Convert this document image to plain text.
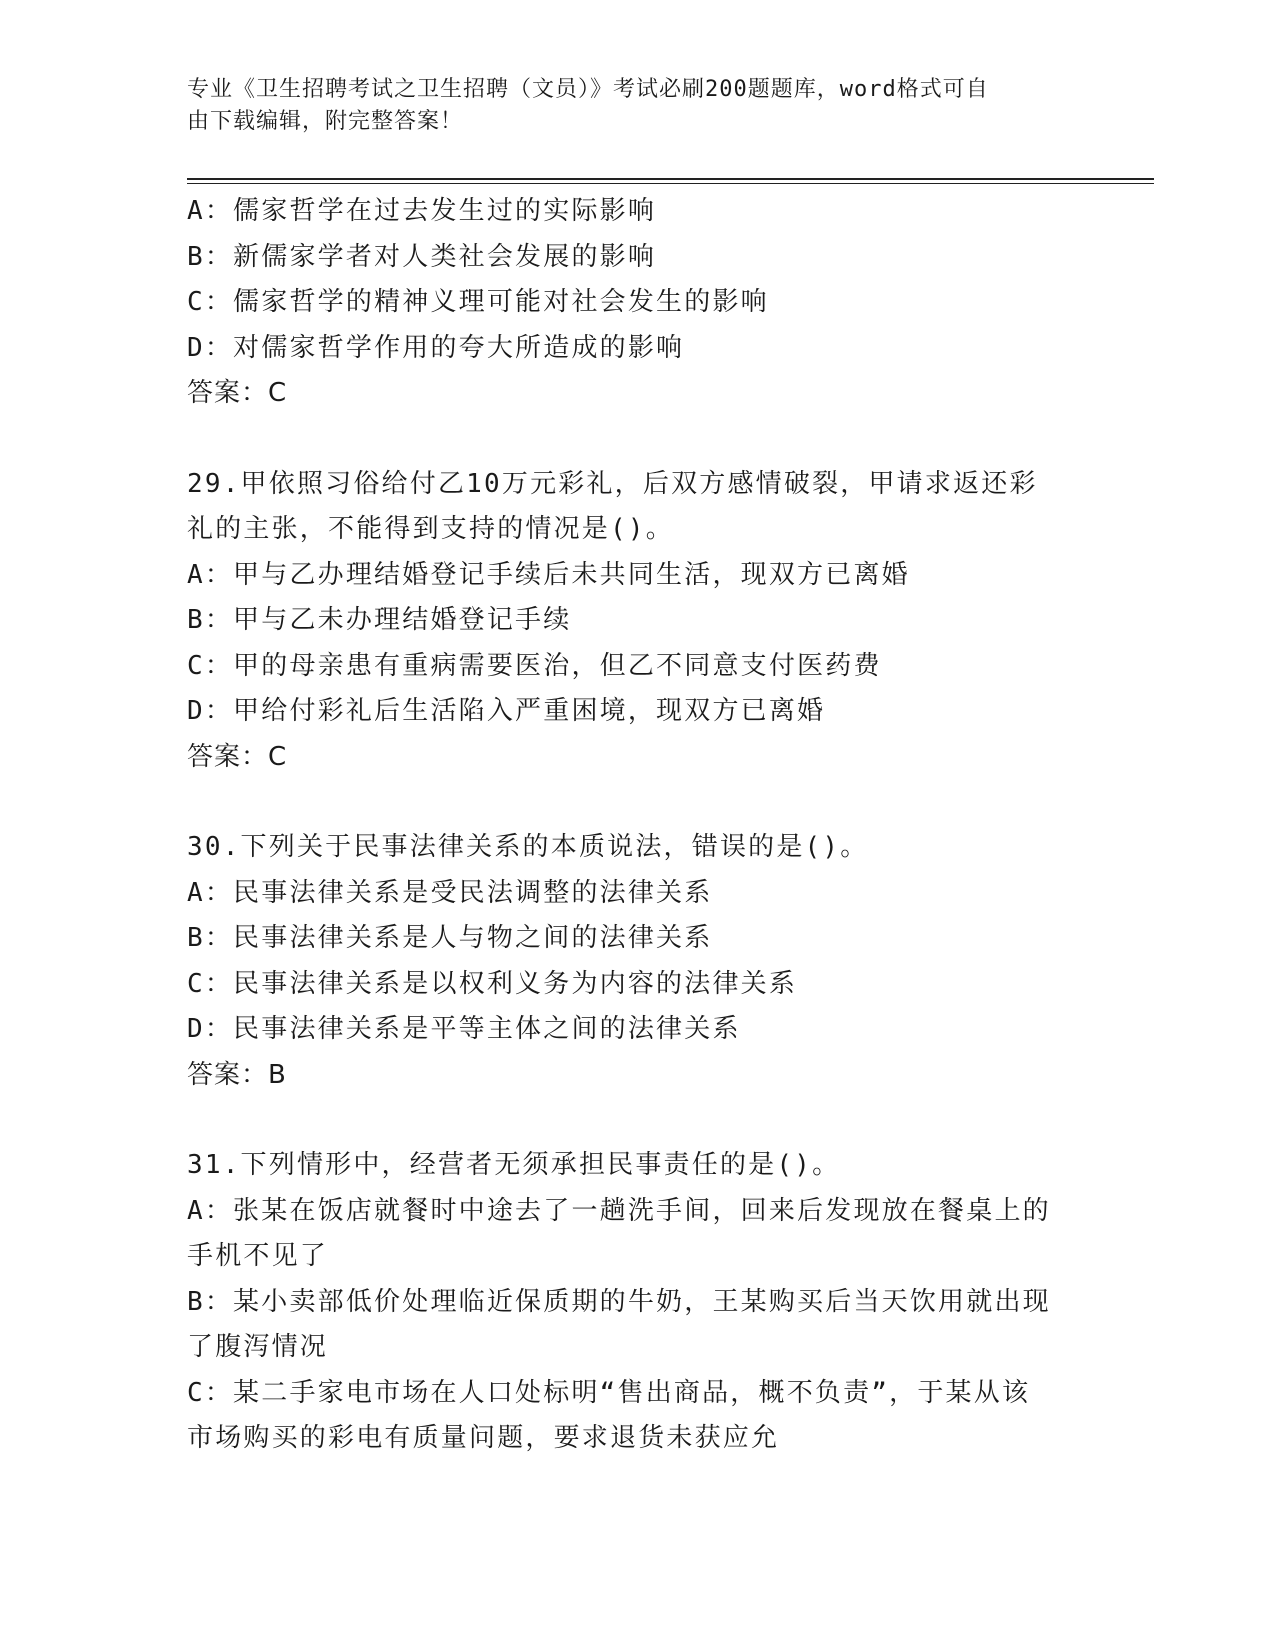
专业《卫生招聘考试之卫生招聘（文员）》考试必刷200题题库，word格式可自
由下载编辑，附完整答案！
A：儒家哲学在过去发生过的实际影响
B：新儒家学者对人类社会发展的影响
C：儒家哲学的精神义理可能对社会发生的影响
D：对儒家哲学作用的夸大所造成的影响
答案：C
29.甲依照习俗给付乙10万元彩礼，后双方感情破裂，甲请求返还彩
礼的主张，不能得到支持的情况是()。
A：甲与乙办理结婚登记手续后未共同生活，现双方已离婚
B：甲与乙未办理结婚登记手续
C：甲的母亲患有重病需要医治，但乙不同意支付医药费
D：甲给付彩礼后生活陷入严重困境，现双方已离婚
答案：C
30.下列关于民事法律关系的本质说法，错误的是()。
A：民事法律关系是受民法调整的法律关系
B：民事法律关系是人与物之间的法律关系
C：民事法律关系是以权利义务为内容的法律关系
D：民事法律关系是平等主体之间的法律关系
答案：B
31.下列情形中，经营者无须承担民事责任的是()。
A：张某在饭店就餐时中途去了一趟洗手间，回来后发现放在餐桌上的
手机不见了
B：某小卖部低价处理临近保质期的牛奶，王某购买后当天饮用就出现
了腹泻情况
C：某二手家电市场在人口处标明“售出商品，概不负责”，于某从该
市场购买的彩电有质量问题，要求退货未获应允
